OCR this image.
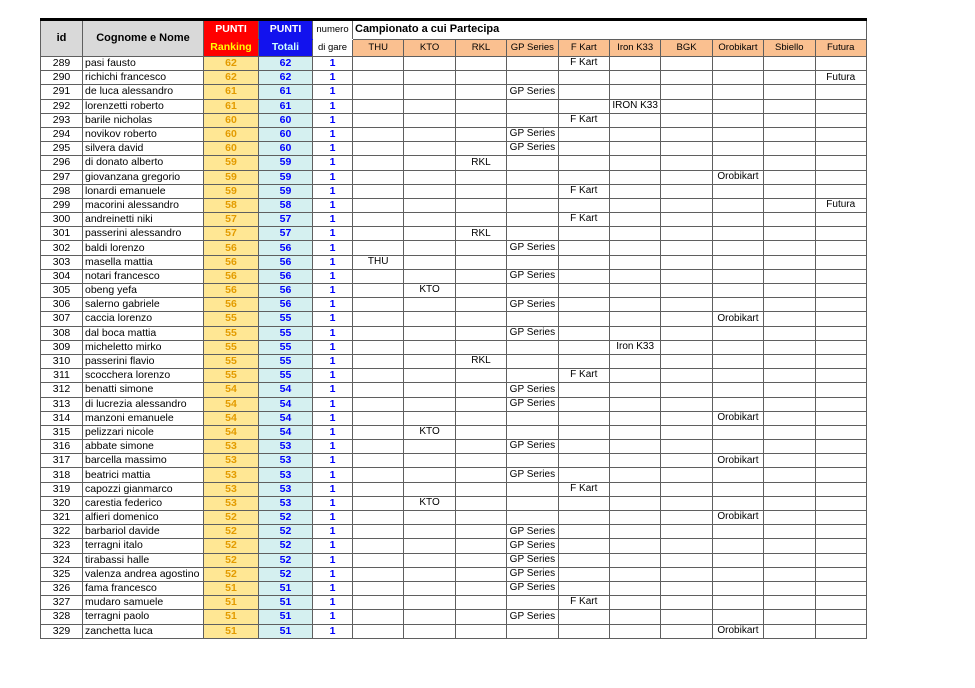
id	Cognome e Nome	PUNTI	PUNTI	numero	Campionato a cui Partecipa									
		Ranking	Totali	di gare	THU	KTO	RKL	GP Series	F Kart	Iron K33	BGK	Orobikart	Sbiello	Futura
289	pasi fausto	62	62	1					F Kart					
290	richichi francesco	62	62	1										Futura
291	de luca alessandro	61	61	1				GP Series						
292	lorenzetti roberto	61	61	1						IRON K33				
293	barile nicholas	60	60	1					F Kart					
294	novikov roberto	60	60	1				GP Series						
295	silvera david	60	60	1				GP Series						
296	di donato alberto	59	59	1			RKL							
297	giovanzana gregorio	59	59	1								Orobikart		
298	lonardi emanuele	59	59	1					F Kart					
299	macorini alessandro	58	58	1										Futura
300	andreinetti niki	57	57	1					F Kart					
301	passerini alessandro	57	57	1			RKL							
302	baldi lorenzo	56	56	1				GP Series						
303	masella mattia	56	56	1	THU									
304	notari francesco	56	56	1				GP Series						
305	obeng yefa	56	56	1		KTO								
306	salerno gabriele	56	56	1				GP Series						
307	caccia lorenzo	55	55	1								Orobikart		
308	dal boca mattia	55	55	1				GP Series						
309	micheletto mirko	55	55	1						Iron K33				
310	passerini flavio	55	55	1			RKL							
311	scocchera lorenzo	55	55	1					F Kart					
312	benatti simone	54	54	1				GP Series						
313	di lucrezia alessandro	54	54	1				GP Series						
314	manzoni emanuele	54	54	1								Orobikart		
315	pelizzari nicole	54	54	1		KTO								
316	abbate simone	53	53	1				GP Series						
317	barcella massimo	53	53	1								Orobikart		
318	beatrici mattia	53	53	1				GP Series						
319	capozzi gianmarco	53	53	1					F Kart					
320	carestia federico	53	53	1		KTO								
321	alfieri domenico	52	52	1								Orobikart		
322	barbariol davide	52	52	1				GP Series						
323	terragni italo	52	52	1				GP Series						
324	tirabassi halle	52	52	1				GP Series						
325	valenza andrea agostino	52	52	1				GP Series						
326	fama francesco	51	51	1				GP Series						
327	mudaro samuele	51	51	1					F Kart					
328	terragni paolo	51	51	1				GP Series						
329	zanchetta luca	51	51	1								Orobikart		
